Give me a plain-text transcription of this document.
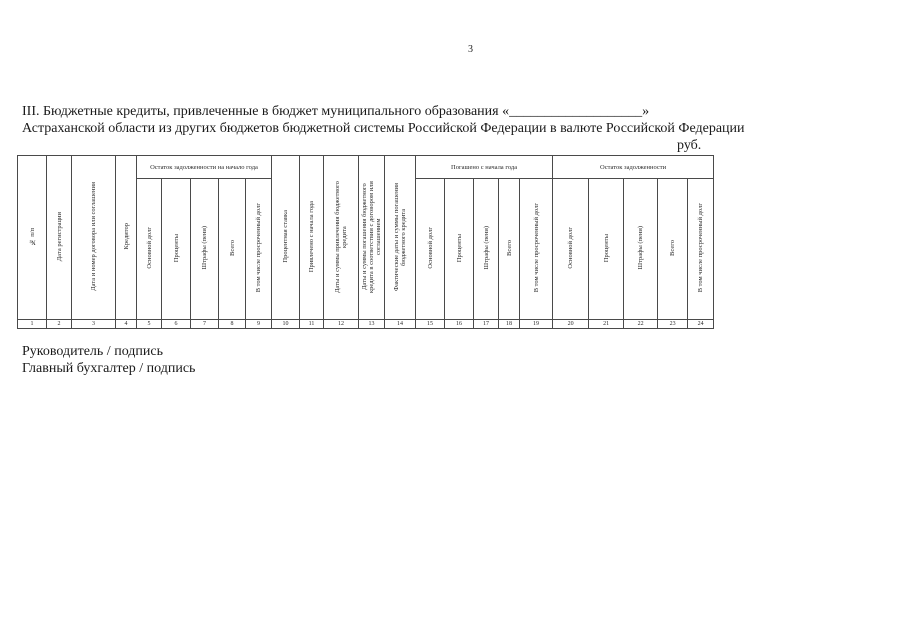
3
III. Бюджетные кредиты, привлеченные в бюджет муниципального образования «___________________»
Астраханской области из других бюджетов бюджетной системы Российской Федерации в валюте Российской Федерации
руб.
№ п/п	Дата регистрации	Дата и номер договора или соглашения	Кредитор	Остаток задолженности на начало года					Процентная ставка	Привлечено с начала года	Даты и суммы привлечения бюджетного кредита	Даты и суммы погашения бюджетного кредита в соответствии с договором или соглашением	Фактические даты и суммы погашения бюджетного кредита	Погашено с начала года					Остаток задолженности				
				Основной долг	Проценты	Штрафы (пени)	Всего	В том числе просроченный долг						Основной долг	Проценты	Штрафы (пени)	Всего	В том числе просроченный долг	Основной долг	Проценты	Штрафы (пени)	Всего	В том числе просроченный долг
1	2	3	4	5	6	7	8	9	10	11	12	13	14	15	16	17	18	19	20	21	22	23	24
Руководитель / подпись
Главный бухгалтер / подпись
